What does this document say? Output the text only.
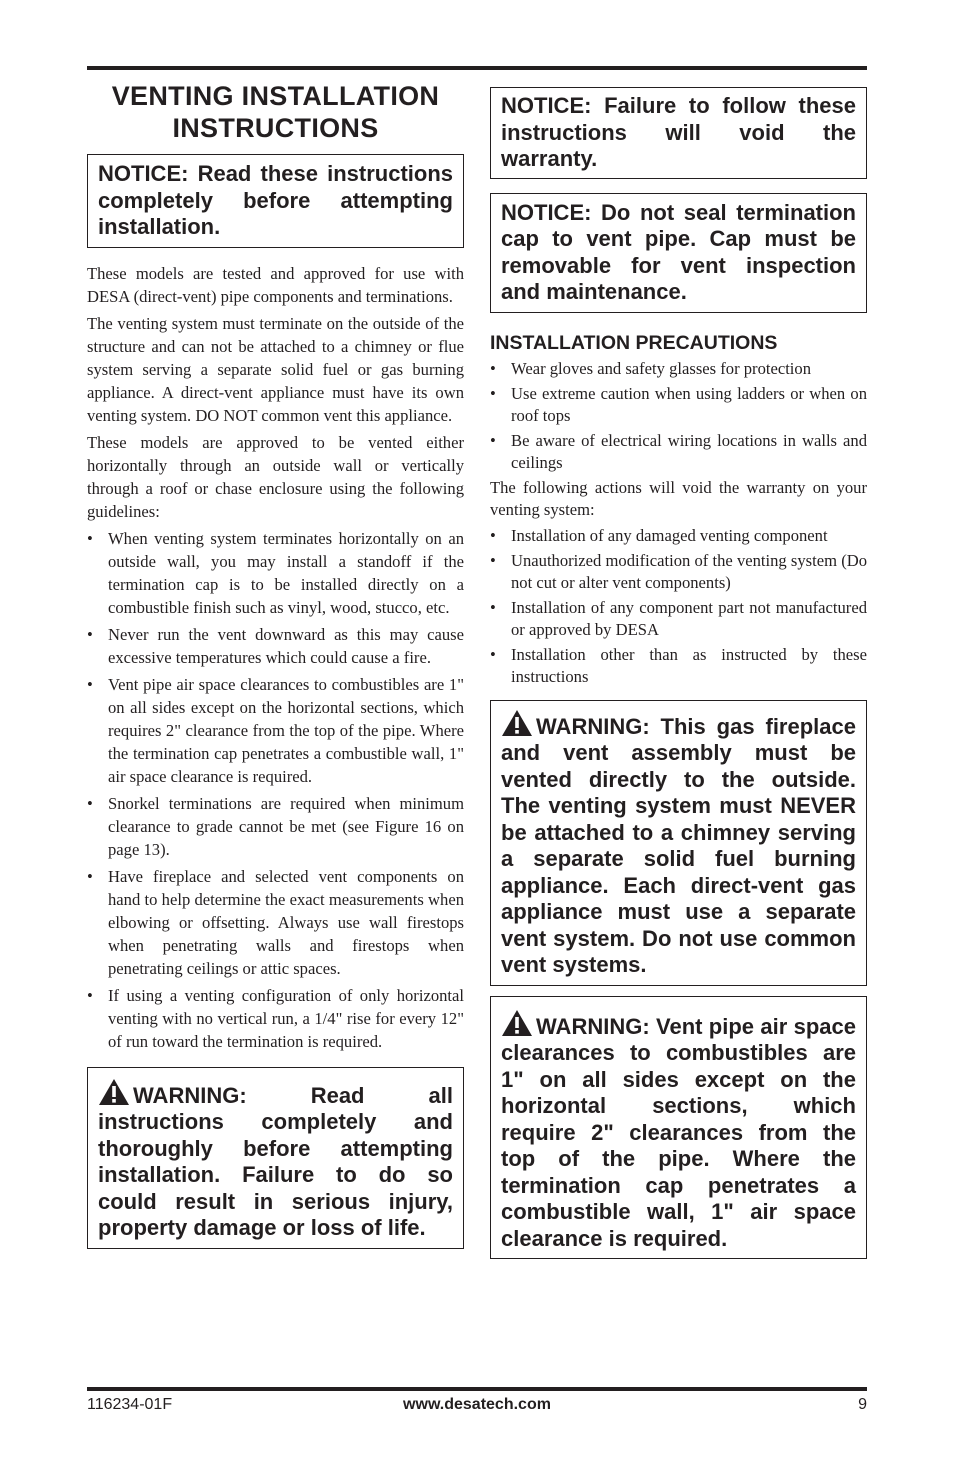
VENTING INSTALLATION INSTRUCTIONS
NOTICE: Read these instructions completely before attempting installation.

These models are tested and approved for use with DESA (direct-vent) pipe components and terminations.

The venting system must terminate on the outside of the structure and can not be attached to a chimney or flue system serving a separate solid fuel or gas burning appliance. A direct-vent appliance must have its own venting system. DO NOT common vent this appliance.

These models are approved to be vented either horizontally through an outside wall or vertically through a roof or chase enclosure using the following guidelines:

• When venting system terminates horizontally on an outside wall, you may install a standoff if the termination cap is to be installed directly on a combustible finish such as vinyl, wood, stucco, etc.
• Never run the vent downward as this may cause excessive temperatures which could cause a fire.
• Vent pipe air space clearances to combustibles are 1" on all sides except on the horizontal sections, which requires 2" clearance from the top of the pipe. Where the termination cap penetrates a combustible wall, 1" air space clearance is required.
• Snorkel terminations are required when minimum clearance to grade cannot be met (see Figure 16 on page 13).
• Have fireplace and selected vent components on hand to help determine the exact measurements when elbowing or offsetting. Always use wall firestops when penetrating walls and firestops when penetrating ceilings or attic spaces.
• If using a venting configuration of only horizontal venting with no vertical run, a 1/4" rise for every 12" of run toward the termination is required.
WARNING: Read all instructions completely and thoroughly before attempting installation. Failure to do so could result in serious injury, property damage or loss of life.
NOTICE: Failure to follow these instructions will void the warranty.
NOTICE: Do not seal termination cap to vent pipe. Cap must be removable for vent inspection and maintenance.
INSTALLATION PRECAUTIONS
• Wear gloves and safety glasses for protection
• Use extreme caution when using ladders or when on roof tops
• Be aware of electrical wiring locations in walls and ceilings

The following actions will void the warranty on your venting system:

• Installation of any damaged venting component
• Unauthorized modification of the venting system (Do not cut or alter vent components)
• Installation of any component part not manufactured or approved by DESA
• Installation other than as instructed by these instructions
WARNING: This gas fireplace and vent assembly must be vented directly to the outside. The venting system must NEVER be attached to a chimney serving a separate solid fuel burning appliance. Each direct-vent gas appliance must use a separate vent system. Do not use common vent systems.
WARNING: Vent pipe air space clearances to combustibles are 1" on all sides except on the horizontal sections, which require 2" clearances from the top of the pipe. Where the termination cap penetrates a combustible wall, 1" air space clearance is required.
116234-01F	www.desatech.com	9
